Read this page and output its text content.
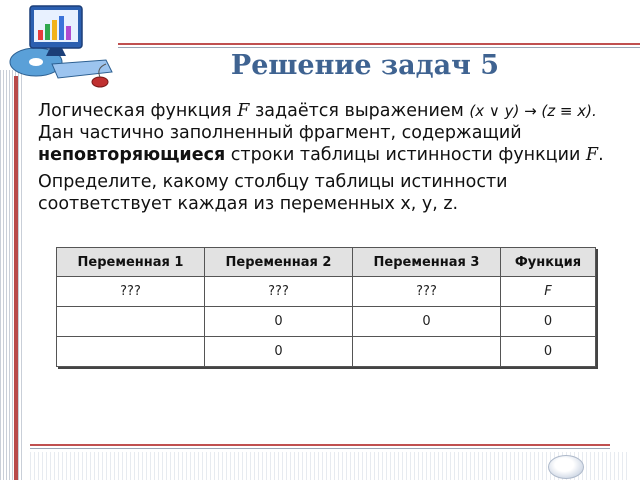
Решение задач 5

Логическая функция F задаётся выражением (x ∨ y) → (z ≡ x). Дан частично заполненный фрагмент, содержащий неповторяющиеся строки таблицы истинности функции F.

Определите, какому столбцу таблицы истинности соответствует каждая из переменных x, y, z.

Переменная 1	Переменная 2	Переменная 3	Функция
???	???	???	F
	0	0	0
	0		0
